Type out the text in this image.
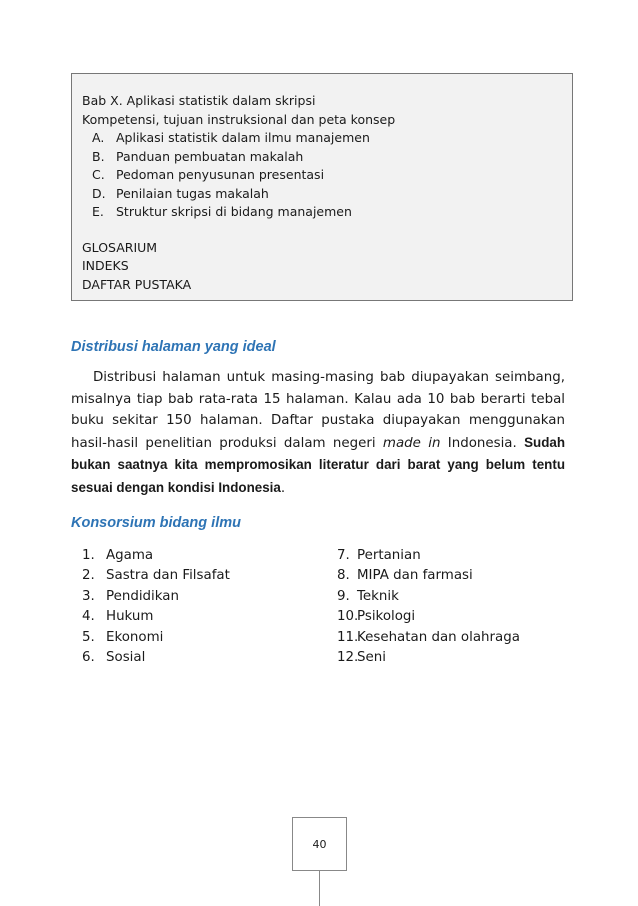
Bab X. Aplikasi statistik dalam skripsi
Kompetensi, tujuan instruksional dan peta konsep
A. Aplikasi statistik dalam ilmu manajemen
B. Panduan pembuatan makalah
C. Pedoman penyusunan presentasi
D. Penilaian tugas makalah
E. Struktur skripsi di bidang manajemen
GLOSARIUM
INDEKS
DAFTAR PUSTAKA
Distribusi halaman yang ideal

Distribusi halaman untuk masing-masing bab diupayakan seimbang, misalnya tiap bab rata-rata 15 halaman. Kalau ada 10 bab berarti tebal buku sekitar 150 halaman. Daftar pustaka diupayakan menggunakan hasil-hasil penelitian produksi dalam negeri made in Indonesia. Sudah bukan saatnya kita mempromosikan literatur dari barat yang belum tentu sesuai dengan kondisi Indonesia.

Konsorsium bidang ilmu
1. Agama
2. Sastra dan Filsafat
3. Pendidikan
4. Hukum
5. Ekonomi
6. Sosial
7. Pertanian
8. MIPA dan farmasi
9. Teknik
10.
Psikologi
11.
Kesehatan dan olahraga
12.
Seni
40
